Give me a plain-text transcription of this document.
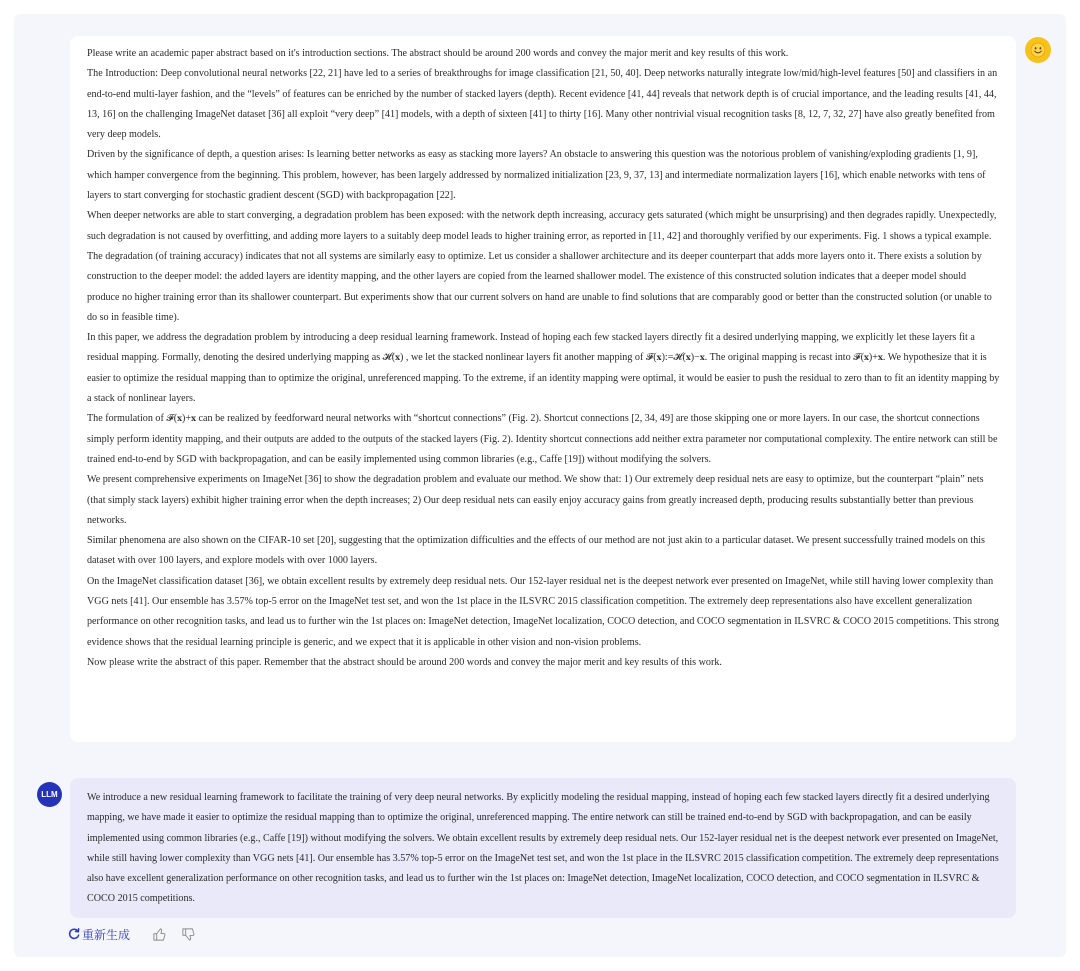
Please write an academic paper abstract based on it's introduction sections. The abstract should be around 200 words and convey the major merit and key results of this work.

The Introduction: Deep convolutional neural networks [22, 21] have led to a series of breakthroughs for image classification [21, 50, 40]. Deep networks naturally integrate low/mid/high-level features [50] and classifiers in an end-to-end multi-layer fashion, and the “levels” of features can be enriched by the number of stacked layers (depth). Recent evidence [41, 44] reveals that network depth is of crucial importance, and the leading results [41, 44, 13, 16] on the challenging ImageNet dataset [36] all exploit “very deep” [41] models, with a depth of sixteen [41] to thirty [16]. Many other nontrivial visual recognition tasks [8, 12, 7, 32, 27] have also greatly benefited from very deep models.

Driven by the significance of depth, a question arises: Is learning better networks as easy as stacking more layers? An obstacle to answering this question was the notorious problem of vanishing/exploding gradients [1, 9], which hamper convergence from the beginning. This problem, however, has been largely addressed by normalized initialization [23, 9, 37, 13] and intermediate normalization layers [16], which enable networks with tens of layers to start converging for stochastic gradient descent (SGD) with backpropagation [22].

When deeper networks are able to start converging, a degradation problem has been exposed: with the network depth increasing, accuracy gets saturated (which might be unsurprising) and then degrades rapidly. Unexpectedly, such degradation is not caused by overfitting, and adding more layers to a suitably deep model leads to higher training error, as reported in [11, 42] and thoroughly verified by our experiments. Fig. 1 shows a typical example.

The degradation (of training accuracy) indicates that not all systems are similarly easy to optimize. Let us consider a shallower architecture and its deeper counterpart that adds more layers onto it. There exists a solution by construction to the deeper model: the added layers are identity mapping, and the other layers are copied from the learned shallower model. The existence of this constructed solution indicates that a deeper model should produce no higher training error than its shallower counterpart. But experiments show that our current solvers on hand are unable to find solutions that are comparably good or better than the constructed solution (or unable to do so in feasible time).

In this paper, we address the degradation problem by introducing a deep residual learning framework. Instead of hoping each few stacked layers directly fit a desired underlying mapping, we explicitly let these layers fit a residual mapping. Formally, denoting the desired underlying mapping as 𝓗(𝐱) , we let the stacked nonlinear layers fit another mapping of 𝓕(𝐱):=𝓗(𝐱)−𝐱. The original mapping is recast into 𝓕(𝐱)+𝐱. We hypothesize that it is easier to optimize the residual mapping than to optimize the original, unreferenced mapping. To the extreme, if an identity mapping were optimal, it would be easier to push the residual to zero than to fit an identity mapping by a stack of nonlinear layers.

The formulation of 𝓕(𝐱)+𝐱 can be realized by feedforward neural networks with “shortcut connections” (Fig. 2). Shortcut connections [2, 34, 49] are those skipping one or more layers. In our case, the shortcut connections simply perform identity mapping, and their outputs are added to the outputs of the stacked layers (Fig. 2). Identity shortcut connections add neither extra parameter nor computational complexity. The entire network can still be trained end-to-end by SGD with backpropagation, and can be easily implemented using common libraries (e.g., Caffe [19]) without modifying the solvers.

We present comprehensive experiments on ImageNet [36] to show the degradation problem and evaluate our method. We show that: 1) Our extremely deep residual nets are easy to optimize, but the counterpart “plain” nets (that simply stack layers) exhibit higher training error when the depth increases; 2) Our deep residual nets can easily enjoy accuracy gains from greatly increased depth, producing results substantially better than previous networks.

Similar phenomena are also shown on the CIFAR-10 set [20], suggesting that the optimization difficulties and the effects of our method are not just akin to a particular dataset. We present successfully trained models on this dataset with over 100 layers, and explore models with over 1000 layers.

On the ImageNet classification dataset [36], we obtain excellent results by extremely deep residual nets. Our 152-layer residual net is the deepest network ever presented on ImageNet, while still having lower complexity than VGG nets [41]. Our ensemble has 3.57% top-5 error on the ImageNet test set, and won the 1st place in the ILSVRC 2015 classification competition. The extremely deep representations also have excellent generalization performance on other recognition tasks, and lead us to further win the 1st places on: ImageNet detection, ImageNet localization, COCO detection, and COCO segmentation in ILSVRC & COCO 2015 competitions. This strong evidence shows that the residual learning principle is generic, and we expect that it is applicable in other vision and non-vision problems.

Now please write the abstract of this paper. Remember that the abstract should be around 200 words and convey the major merit and key results of this work.

LLM	We introduce a new residual learning framework to facilitate the training of very deep neural networks. By explicitly modeling the residual mapping, instead of hoping each few stacked layers directly fit a desired underlying mapping, we have made it easier to optimize the residual mapping than to optimize the original, unreferenced mapping. The entire network can still be trained end-to-end by SGD with backpropagation, and can be easily implemented using common libraries (e.g., Caffe [19]) without modifying the solvers. We obtain excellent results by extremely deep residual nets. Our 152-layer residual net is the deepest network ever presented on ImageNet, while still having lower complexity than VGG nets [41]. Our ensemble has 3.57% top-5 error on the ImageNet test set, and won the 1st place in the ILSVRC 2015 classification competition. The extremely deep representations also have excellent generalization performance on other recognition tasks, and lead us to further win the 1st places on: ImageNet detection, ImageNet localization, COCO detection, and COCO segmentation in ILSVRC & COCO 2015 competitions.

重新生成
